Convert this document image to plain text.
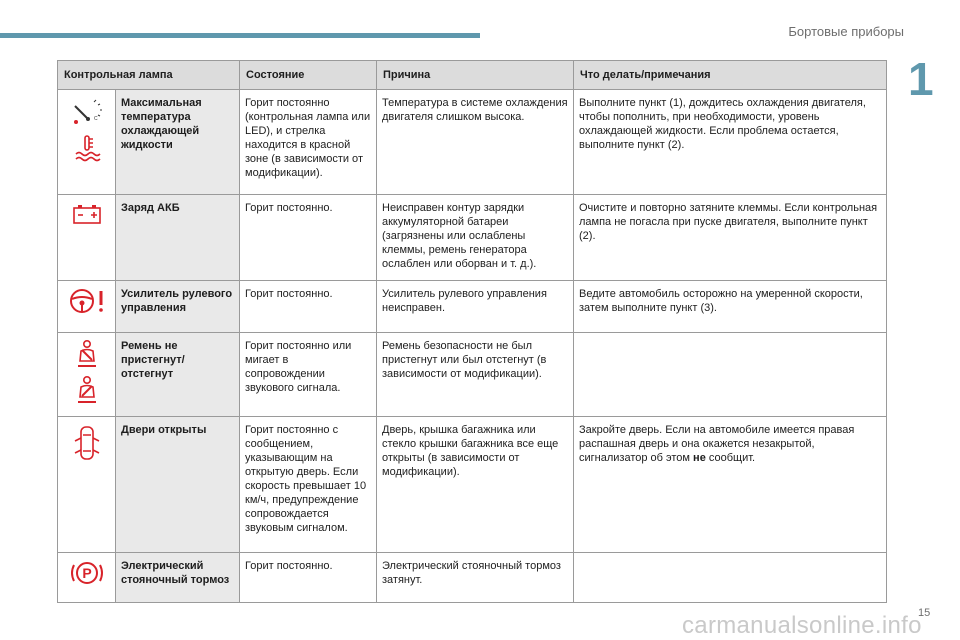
Бортовые приборы
1
Контрольная лампа		Состояние	Причина	Что делать/примечания

C	Максимальная температура охлаждающей жидкости	Горит постоянно (контрольная лампа или LED), и стрелка находится в красной зоне (в зависимости от модификации).	Температура в системе охлаждения двигателя слишком высока.	Выполните пункт (1), дождитесь охлаждения двигателя, чтобы пополнить, при необходимости, уровень охлаждающей жидкости. Если проблема остается, выполните пункт (2).

	Заряд АКБ	Горит постоянно.	Неисправен контур зарядки аккумуляторной батареи (загрязнены или ослаблены клеммы, ремень генератора ослаблен или оборван и т. д.).	Очистите и повторно затяните клеммы. Если контрольная лампа не погасла при пуске двигателя, выполните пункт (2).

	Усилитель рулевого управления	Горит постоянно.	Усилитель рулевого управления неисправен.	Ведите автомобиль осторожно на умеренной скорости, затем выполните пункт (3).

	Ремень не пристегнут/отстегнут	Горит постоянно или мигает в сопровождении звукового сигнала.	Ремень безопасности не был пристегнут или был отстегнут (в зависимости от модификации).	

	Двери открыты	Горит постоянно с сообщением, указывающим на открытую дверь. Если скорость превышает 10 км/ч, предупреждение сопровождается звуковым сигналом.	Дверь, крышка багажника или стекло крышки багажника все еще открыты (в зависимости от модификации).	Закройте дверь. Если на автомобиле имеется правая распашная дверь и она окажется незакрытой, сигнализатор об этом не сообщит.

P	Электрический стояночный тормоз	Горит постоянно.	Электрический стояночный тормоз затянут.	
15
carmanualsonline.info
